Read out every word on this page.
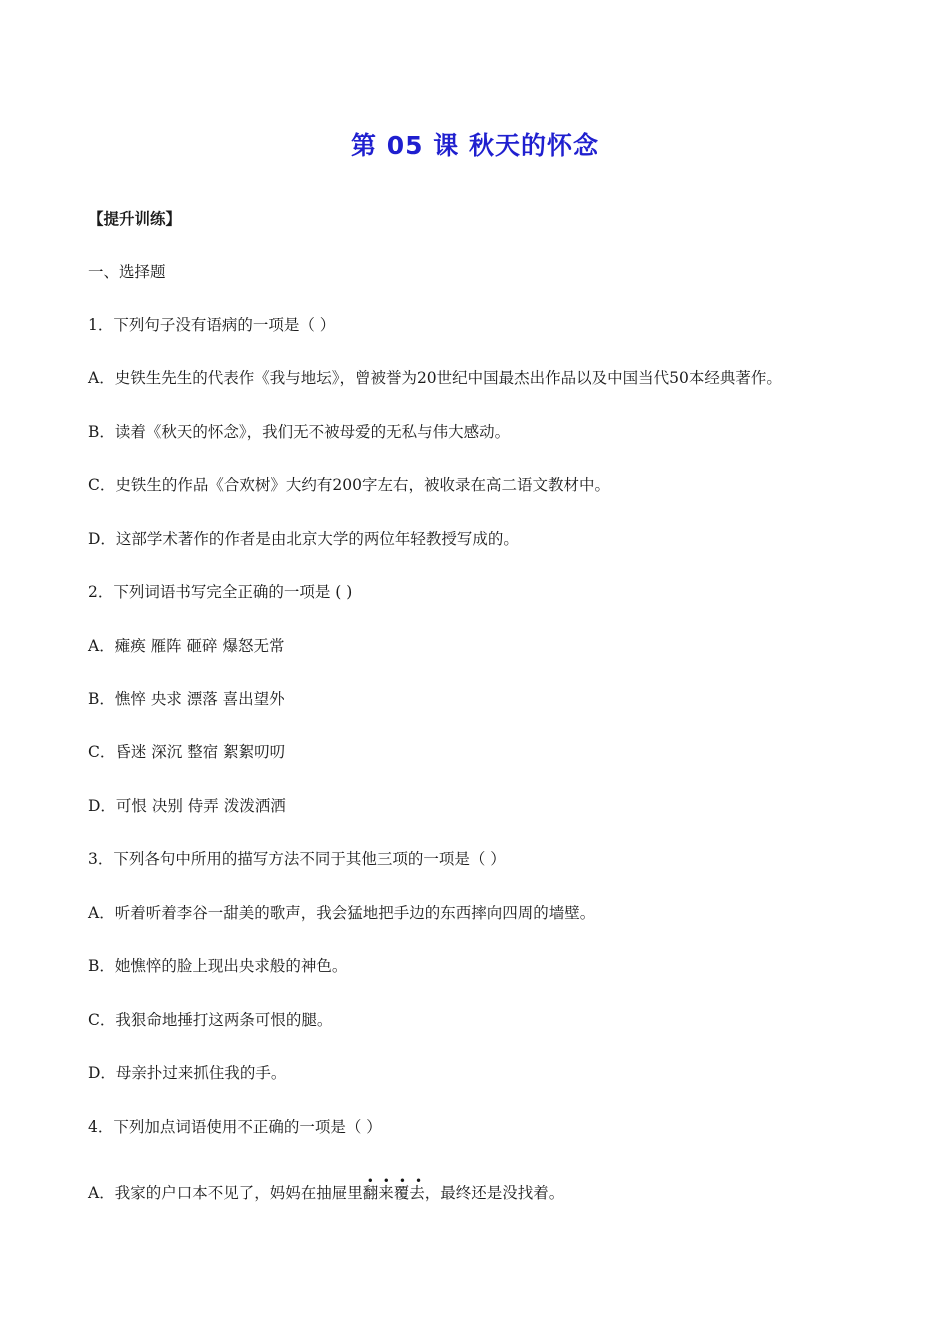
第 05 课 秋天的怀念
【提升训练】
一、选择题
1．下列句子没有语病的一项是（ ）
A．史铁生先生的代表作《我与地坛》，曾被誉为20世纪中国最杰出作品以及中国当代50本经典著作。
B．读着《秋天的怀念》，我们无不被母爱的无私与伟大感动。
C．史铁生的作品《合欢树》大约有200字左右，被收录在高二语文教材中。
D．这部学术著作的作者是由北京大学的两位年轻教授写成的。
2．下列词语书写完全正确的一项是 ( )
A．瘫痪 雁阵 砸碎 爆怒无常
B．憔悴 央求 漂落 喜出望外
C．昏迷 深沉 整宿 絮絮叨叨
D．可恨 决别 侍弄 泼泼洒洒
3．下列各句中所用的描写方法不同于其他三项的一项是（ ）
A．听着听着李谷一甜美的歌声，我会猛地把手边的东西摔向四周的墙壁。
B．她憔悴的脸上现出央求般的神色。
C．我狠命地捶打这两条可恨的腿。
D．母亲扑过来抓住我的手。
4．下列加点词语使用不正确的一项是（ ）
A．我家的户口本不见了，妈妈在抽屉里
••••
翻来覆去，最终还是没找着。
